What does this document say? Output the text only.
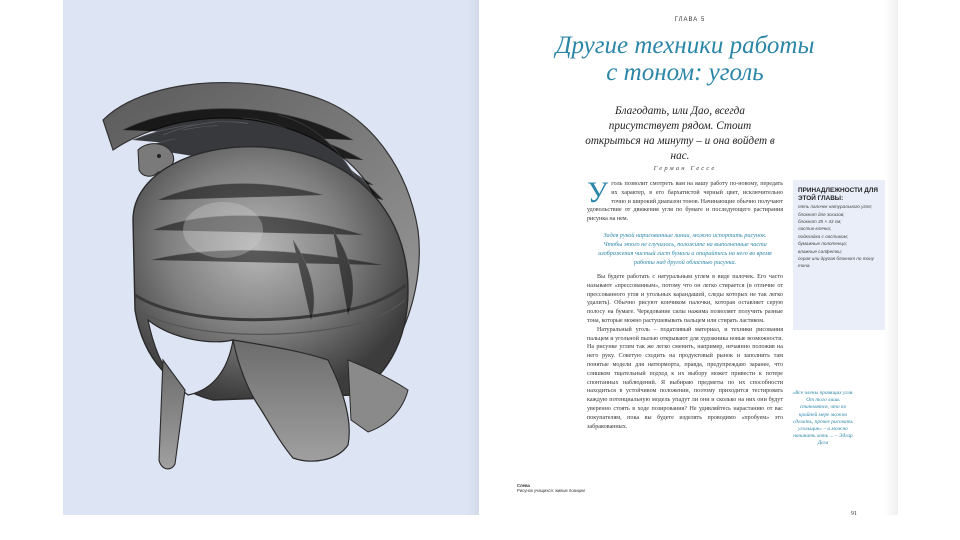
Слева
Рисунок учащихся: живые позиции
ГЛАВА 5
Другие техники работы
с тоном: уголь
Благодать, или Дао, всегда присутствует рядом. Стоит открыться на минуту – и она войдет в нас.
Герман Гессе
У голь позволит смотреть вам на вашу работу по-новому, передать их характер, в его бархатистой черный цвет, исключительно точно и широкий диапазон тонов. Начинающие обычно получают удовольствие от движения угля по бумаге и последующего растирания рисунка на нем.

Задев рукой нарисованные линии, можно испортить рисунок. Чтобы этого не случилось, положите на выполненные части изображения чистый лист бумаги и опирайтесь на него во время работы над другой областью рисунка.

Вы будете работать с натуральным углем в виде палочек. Его часто называют «прессованным», потому что он легко стирается (в отличие от прессованного угля и угольных карандашей, следы которых не так легко удалить). Обычно рисуют кончиком палочки, которая оставляет серую полосу на бумаге. Чередование силы нажима позволяет получить разные тона, которые можно растушевывать пальцем или стирать ластиком.

Натуральный уголь – податливый материал, и техники рисования пальцем и угольной пылью открывают для художника новые возможности. На рисунке углем так же легко сменить, например, нечаянно положив на него руку. Советую сходить на продуктовый рынок и заполнить там понятые модели для натюрморта, правда, предупреждаю заранее, что слишком тщательный подход к их выбору может привести к потере спонтанных наблюдений. Я выбираю предметы по их способности находиться в устойчивом положении, поэтому приходится тестировать каждую потенциальную модель упадут ли они и сколько на них они будут уверенно стоять в ходе позирования? Не удивляйтесь нарастанию от вас покупателям, пока вы будете изделять проводимо «пробуем» это забракованных.

ПРИНАДЛЕЖНОСТИ ДЛЯ ЭТОЙ ГЛАВЫ:
пять палочек натурального угля;
блокнот для эскизов;
блокнот 35 × 43 см;
ластик-клячка;
подкладка с ластиком;
бумажные полотенца;
влажные салфетки;
серая или другая блокнот по тону тона.
«Все члены правящих угля. От того лишь становятся, что по крайней мере можно сделать, прочее рисовать угольщик» – и можно начинать хоть ... – Эдгар Дега
91
